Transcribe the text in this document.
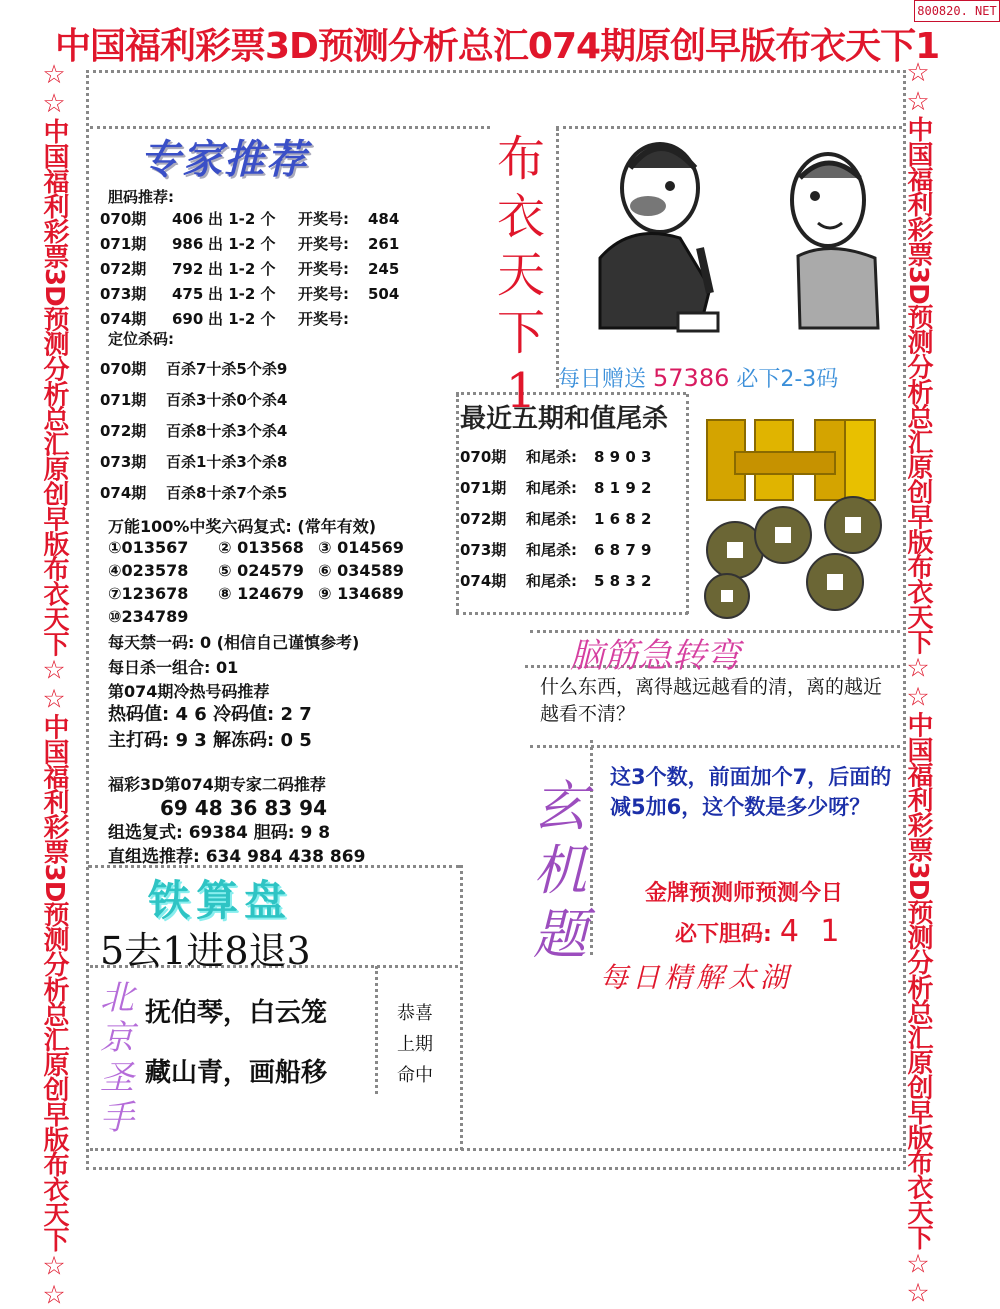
800820. NET
中国福利彩票3D预测分析总汇074期原创早版布衣天下1
☆☆中国福利彩票3D预测分析总汇原创早版布衣天下☆☆中国福利彩票3D预测分析总汇原创早版布衣天下☆☆	☆☆中国福利彩票3D预测分析总汇原创早版布衣天下☆☆中国福利彩票3D预测分析总汇原创早版布衣天下☆☆
专家推荐
胆码推荐:
070期 406 出 1-2 个 开奖号: 484
071期 986 出 1-2 个 开奖号: 261
072期 792 出 1-2 个 开奖号: 245
073期 475 出 1-2 个 开奖号: 504
074期 690 出 1-2 个 开奖号:
定位杀码:
070期 百杀7十杀5个杀9
071期 百杀3十杀0个杀4
072期 百杀8十杀3个杀4
073期 百杀1十杀3个杀8
074期 百杀8十杀7个杀5
万能100%中奖六码复式: (常年有效)
①013567 ② 013568 ③ 014569
④023578 ⑤ 024579 ⑥ 034589
⑦123678 ⑧ 124679 ⑨ 134689
⑩234789
每天禁一码: 0 (相信自己谨慎参考)
每日杀一组合: 01
第074期冷热号码推荐
热码值: 4 6 冷码值: 2 7
主打码: 9 3 解冻码: 0 5
福彩3D第074期专家二码推荐
69 48 36 83 94
组选复式: 69384 胆码: 9 8
直组选推荐: 634 984 438 869
布
衣
天
下
1 每日赠送 57386 必下2-3码
最近五期和值尾杀
070期 和尾杀: 8 9 0 3
071期 和尾杀: 8 1 9 2
072期 和尾杀: 1 6 8 2
073期 和尾杀: 6 8 7 9
074期 和尾杀: 5 8 3 2
脑筋急转弯
什么东西，离得越远越看的清，离的越近越看不清？
玄
机
题
这3个数，前面加个7，后面的减5加6，这个数是多少呀？
金牌预测师预测今日
必下胆码: 4 1
每日精解太湖
铁算盘
5去1进8退3
北
京
圣
手
抚伯琴，白云笼
藏山青，画船移
恭喜
上期
命中
